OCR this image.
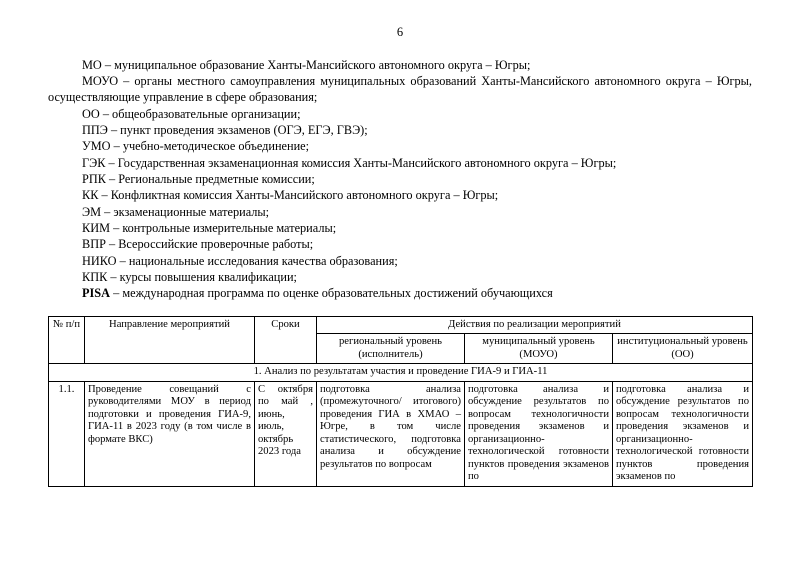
6

МО – муниципальное образование Ханты-Мансийского автономного округа – Югры;

МОУО – органы местного самоуправления муниципальных образований Ханты-Мансийского автономного округа – Югры, осуществляющие управление в сфере образования;

ОО – общеобразовательные организации;

ППЭ – пункт проведения экзаменов (ОГЭ, ЕГЭ, ГВЭ);

УМО – учебно-методическое объединение;

ГЭК – Государственная экзаменационная комиссия Ханты-Мансийского автономного округа – Югры;

РПК – Региональные предметные комиссии;

КК – Конфликтная комиссия Ханты-Мансийского автономного округа – Югры;

ЭМ – экзаменационные материалы;

КИМ – контрольные измерительные материалы;

ВПР – Всероссийские проверочные работы;

НИКО – национальные исследования качества образования;

КПК – курсы повышения квалификации;

PISA – международная программа по оценке образовательных достижений обучающихся

№ п/п	Направление мероприятий	Сроки	Действия по реализации мероприятий		
			региональный уровень (исполнитель)	муниципальный уровень (МОУО)	институциональный уровень (ОО)
1. Анализ по результатам участия и проведение ГИА-9 и ГИА-11					
1.1.	Проведение совещаний с руководителями МОУ в период подготовки и проведения ГИА-9, ГИА-11 в 2023 году (в том числе в формате ВКС)	С октября по май , июнь, июль, октябрь 2023 года	подготовка анализа (промежуточного/ итогового) проведения ГИА в ХМАО – Югре, в том числе статистического, подготовка анализа и обсуждение результатов по вопросам	подготовка анализа и обсуждение результатов по вопросам технологичности проведения экзаменов и организационно-технологической готовности пунктов проведения экзаменов по	подготовка анализа и обсуждение результатов по вопросам технологичности проведения экзаменов и организационно-технологической готовности пунктов проведения экзаменов по
